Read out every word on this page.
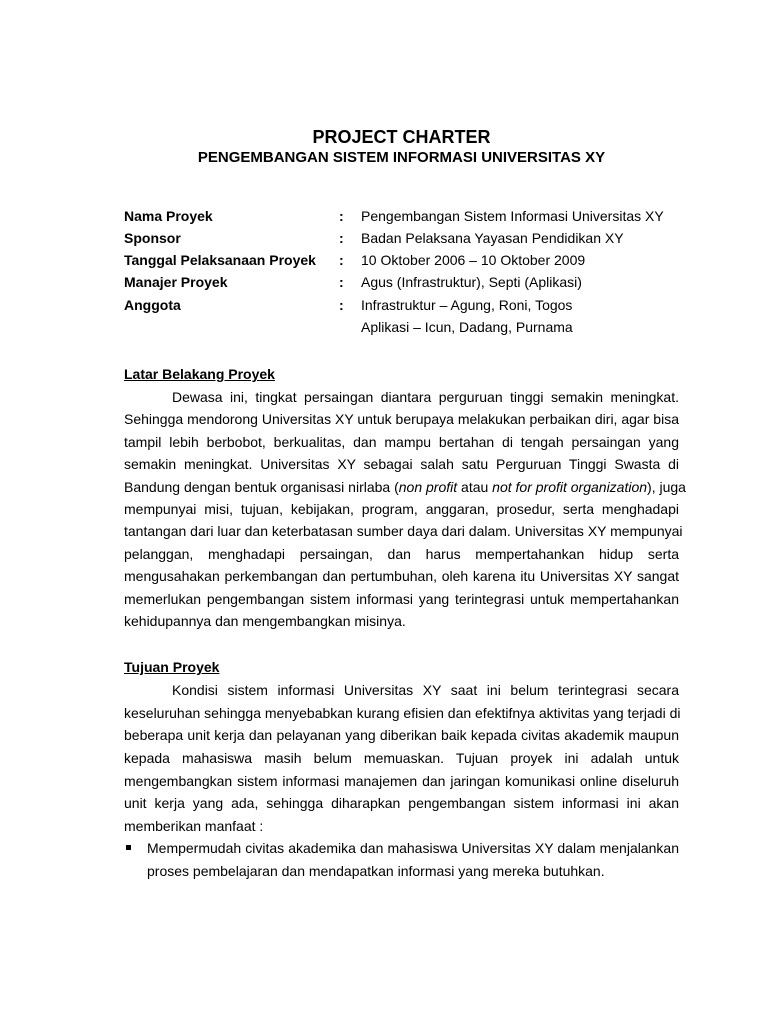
PROJECT CHARTER
PENGEMBANGAN SISTEM INFORMASI UNIVERSITAS XY
Nama Proyek	: Pengembangan Sistem Informasi Universitas XY
Sponsor	: Badan Pelaksana Yayasan Pendidikan XY
Tanggal Pelaksanaan Proyek : 10 Oktober 2006 – 10 Oktober 2009
Manajer Proyek	: Agus (Infrastruktur), Septi (Aplikasi)
Anggota	: Infrastruktur – Agung, Roni, Togos
Aplikasi – Icun, Dadang, Purnama
Latar Belakang Proyek
Dewasa ini, tingkat persaingan diantara perguruan tinggi semakin meningkat.
Sehingga mendorong Universitas XY untuk berupaya melakukan perbaikan diri, agar bisa
tampil lebih berbobot, berkualitas, dan mampu bertahan di tengah persaingan yang
semakin meningkat. Universitas XY sebagai salah satu Perguruan Tinggi Swasta di
Bandung dengan bentuk organisasi nirlaba (non profit atau not for profit organization), juga
mempunyai misi, tujuan, kebijakan, program, anggaran, prosedur, serta menghadapi
tantangan dari luar dan keterbatasan sumber daya dari dalam. Universitas XY mempunyai
pelanggan, menghadapi persaingan, dan harus mempertahankan hidup serta
mengusahakan perkembangan dan pertumbuhan, oleh karena itu Universitas XY sangat
memerlukan pengembangan sistem informasi yang terintegrasi untuk mempertahankan
kehidupannya dan mengembangkan misinya.
Tujuan Proyek
Kondisi sistem informasi Universitas XY saat ini belum terintegrasi secara
keseluruhan sehingga menyebabkan kurang efisien dan efektifnya aktivitas yang terjadi di
beberapa unit kerja dan pelayanan yang diberikan baik kepada civitas akademik maupun
kepada mahasiswa masih belum memuaskan. Tujuan proyek ini adalah untuk
mengembangkan sistem informasi manajemen dan jaringan komunikasi online diseluruh
unit kerja yang ada, sehingga diharapkan pengembangan sistem informasi ini akan
memberikan manfaat :
Mempermudah civitas akademika dan mahasiswa Universitas XY dalam menjalankan
proses pembelajaran dan mendapatkan informasi yang mereka butuhkan.
